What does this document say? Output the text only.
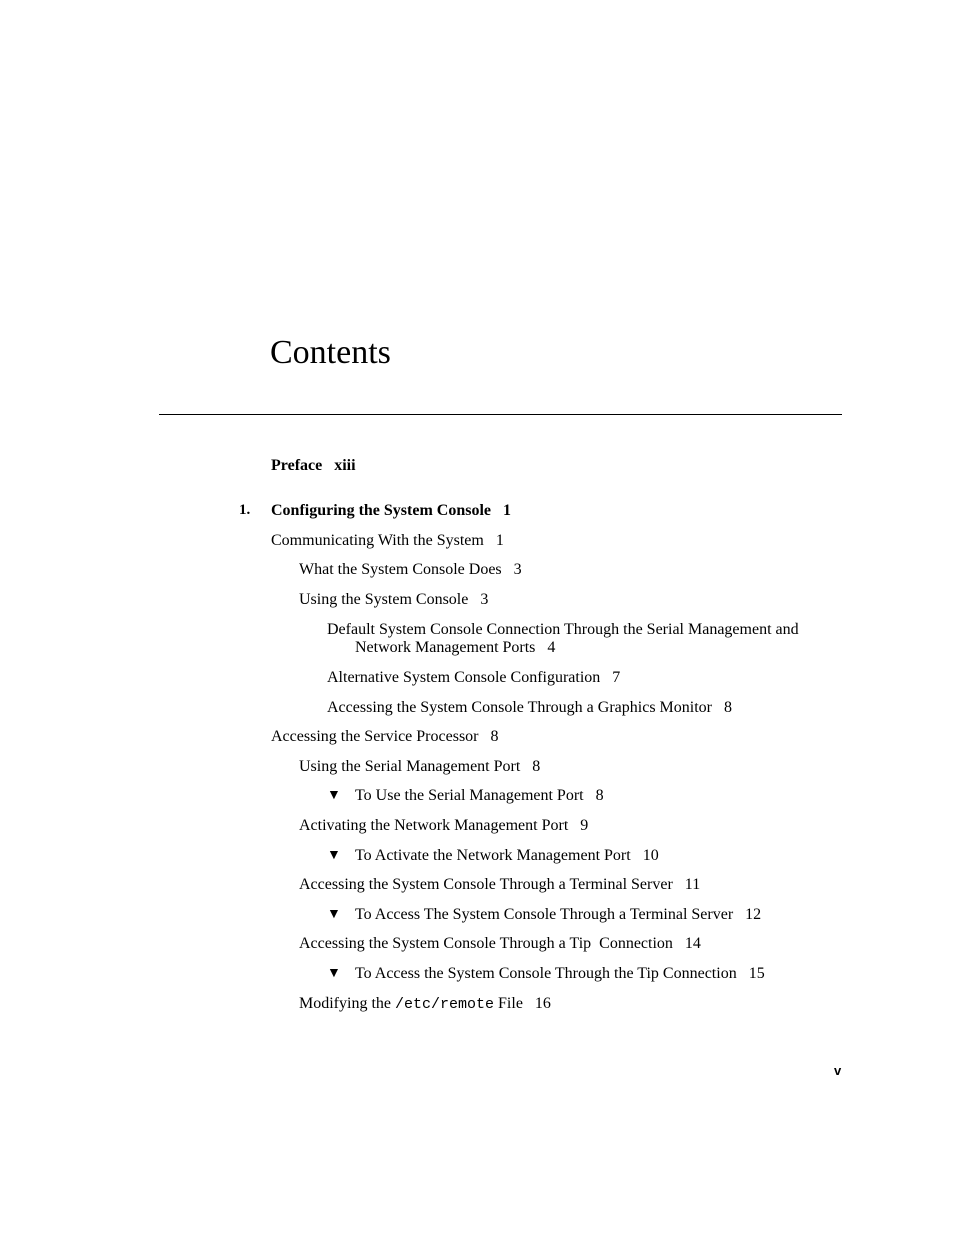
Contents
Preface xiii
1. Configuring the System Console 1
Communicating With the System 1
What the System Console Does 3
Using the System Console 3
Default System Console Connection Through the Serial Management and
Network Management Ports 4
Alternative System Console Configuration 7
Accessing the System Console Through a Graphics Monitor 8
Accessing the Service Processor 8
Using the Serial Management Port 8
▼ To Use the Serial Management Port 8
Activating the Network Management Port 9
▼ To Activate the Network Management Port 10
Accessing the System Console Through a Terminal Server 11
▼ To Access The System Console Through a Terminal Server 12
Accessing the System Console Through a Tip  Connection 14
▼ To Access the System Console Through the Tip Connection 15
Modifying the /etc/remote File 16
v
